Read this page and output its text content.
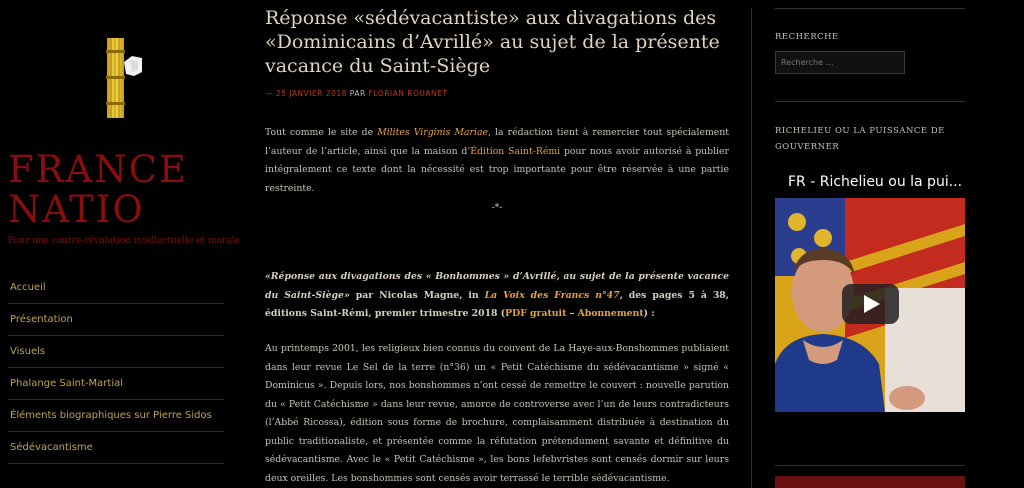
FRANCE
NATIO
Pour une contre-révolution intellectuelle et morale
Accueil
Présentation
Visuels
Phalange Saint-Martial
Éléments biographiques sur Pierre Sidos
Sédévacantisme
Réponse «sédévacantiste» aux divagations des «Dominicains d’Avrillé» au sujet de la présente vacance du Saint-Siège
— 25 JANVIER 2018 PAR FLORIAN ROUANET

Tout comme le site de Milites Virginis Mariae, la rédaction tient à remercier tout spécialement l’auteur de l’article, ainsi que la maison d’Édition Saint-Rémi pour nous avoir autorisé à publier intégralement ce texte dont la nécessité est trop importante pour être réservée à une partie restreinte.

-*-

«Réponse aux divagations des « Bonhommes » d’Avrillé, au sujet de la présente vacance du Saint-Siège» par Nicolas Magne, in La Voix des Francs n°47, des pages 5 à 38, éditions Saint-Rémi, premier trimestre 2018 (PDF gratuit – Abonnement) :

Au printemps 2001, les religieux bien connus du couvent de La Haye-aux-Bonshommes publiaient dans leur revue Le Sel de la terre (n°36) un « Petit Catéchisme du sédévacantisme » signé « Dominicus ». Depuis lors, nos bonshommes n’ont cessé de remettre le couvert : nouvelle parution du « Petit Catéchisme » dans leur revue, amorce de controverse avec l’un de leurs contradicteurs (l’Abbé Ricossa), édition sous forme de brochure, complaisamment distribuée à destination du public traditionaliste, et présentée comme la réfutation prétendument savante et définitive du sédévacantisme. Avec le « Petit Catéchisme », les bons lefebvristes sont censés dormir sur leurs deux oreilles. Les bonshommes sont censés avoir terrassé le terrible sédévacantisme.

RECHERCHE
Recherche …
RICHELIEU OU LA PUISSANCE DE GOUVERNER
FR - Richelieu ou la pui...
